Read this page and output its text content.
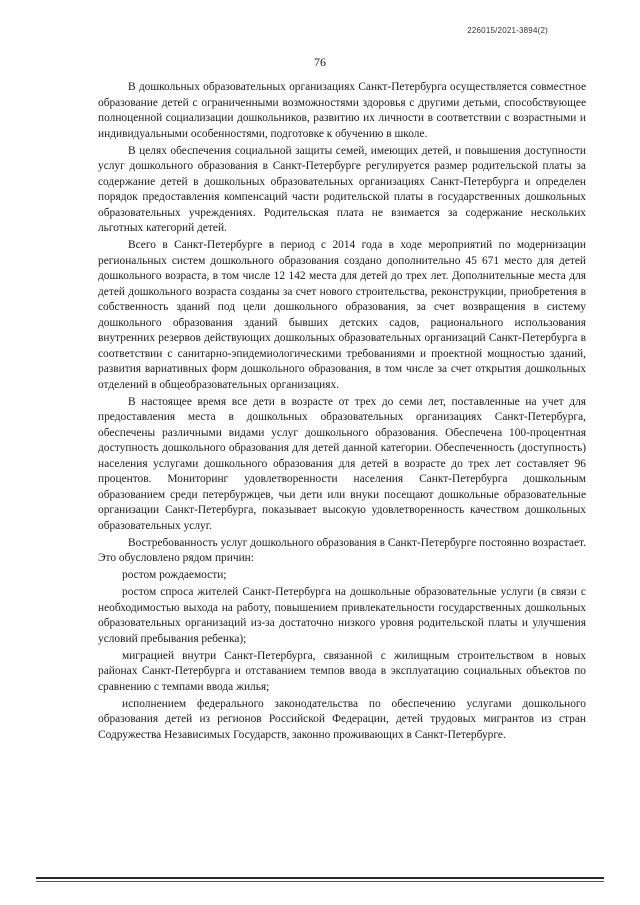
226015/2021-3894(2)
76

В дошкольных образовательных организациях Санкт-Петербурга осуществляется совместное образование детей с ограниченными возможностями здоровья с другими детьми, способствующее полноценной социализации дошкольников, развитию их личности в соответствии с возрастными и индивидуальными особенностями, подготовке к обучению в школе.

В целях обеспечения социальной защиты семей, имеющих детей, и повышения доступности услуг дошкольного образования в Санкт-Петербурге регулируется размер родительской платы за содержание детей в дошкольных образовательных организациях Санкт-Петербурга и определен порядок предоставления компенсаций части родительской платы в государственных дошкольных образовательных учреждениях. Родительская плата не взимается за содержание нескольких льготных категорий детей.

Всего в Санкт-Петербурге в период с 2014 года в ходе мероприятий по модернизации региональных систем дошкольного образования создано дополнительно 45 671 место для детей дошкольного возраста, в том числе 12 142 места для детей до трех лет. Дополнительные места для детей дошкольного возраста созданы за счет нового строительства, реконструкции, приобретения в собственность зданий под цели дошкольного образования, за счет возвращения в систему дошкольного образования зданий бывших детских садов, рационального использования внутренних резервов действующих дошкольных образовательных организаций Санкт-Петербурга в соответствии с санитарно-эпидемиологическими требованиями и проектной мощностью зданий, развития вариативных форм дошкольного образования, в том числе за счет открытия дошкольных отделений в общеобразовательных организациях.

В настоящее время все дети в возрасте от трех до семи лет, поставленные на учет для предоставления места в дошкольных образовательных организациях Санкт-Петербурга, обеспечены различными видами услуг дошкольного образования. Обеспечена 100-процентная доступность дошкольного образования для детей данной категории. Обеспеченность (доступность) населения услугами дошкольного образования для детей в возрасте до трех лет составляет 96 процентов. Мониторинг удовлетворенности населения Санкт-Петербурга дошкольным образованием среди петербуржцев, чьи дети или внуки посещают дошкольные образовательные организации Санкт-Петербурга, показывает высокую удовлетворенность качеством дошкольных образовательных услуг.

Востребованность услуг дошкольного образования в Санкт-Петербурге постоянно возрастает. Это обусловлено рядом причин:

ростом рождаемости;

ростом спроса жителей Санкт-Петербурга на дошкольные образовательные услуги (в связи с необходимостью выхода на работу, повышением привлекательности государственных дошкольных образовательных организаций из-за достаточно низкого уровня родительской платы и улучшения условий пребывания ребенка);

миграцией внутри Санкт-Петербурга, связанной с жилищным строительством в новых районах Санкт-Петербурга и отставанием темпов ввода в эксплуатацию социальных объектов по сравнению с темпами ввода жилья;

исполнением федерального законодательства по обеспечению услугами дошкольного образования детей из регионов Российской Федерации, детей трудовых мигрантов из стран Содружества Независимых Государств, законно проживающих в Санкт-Петербурге.
